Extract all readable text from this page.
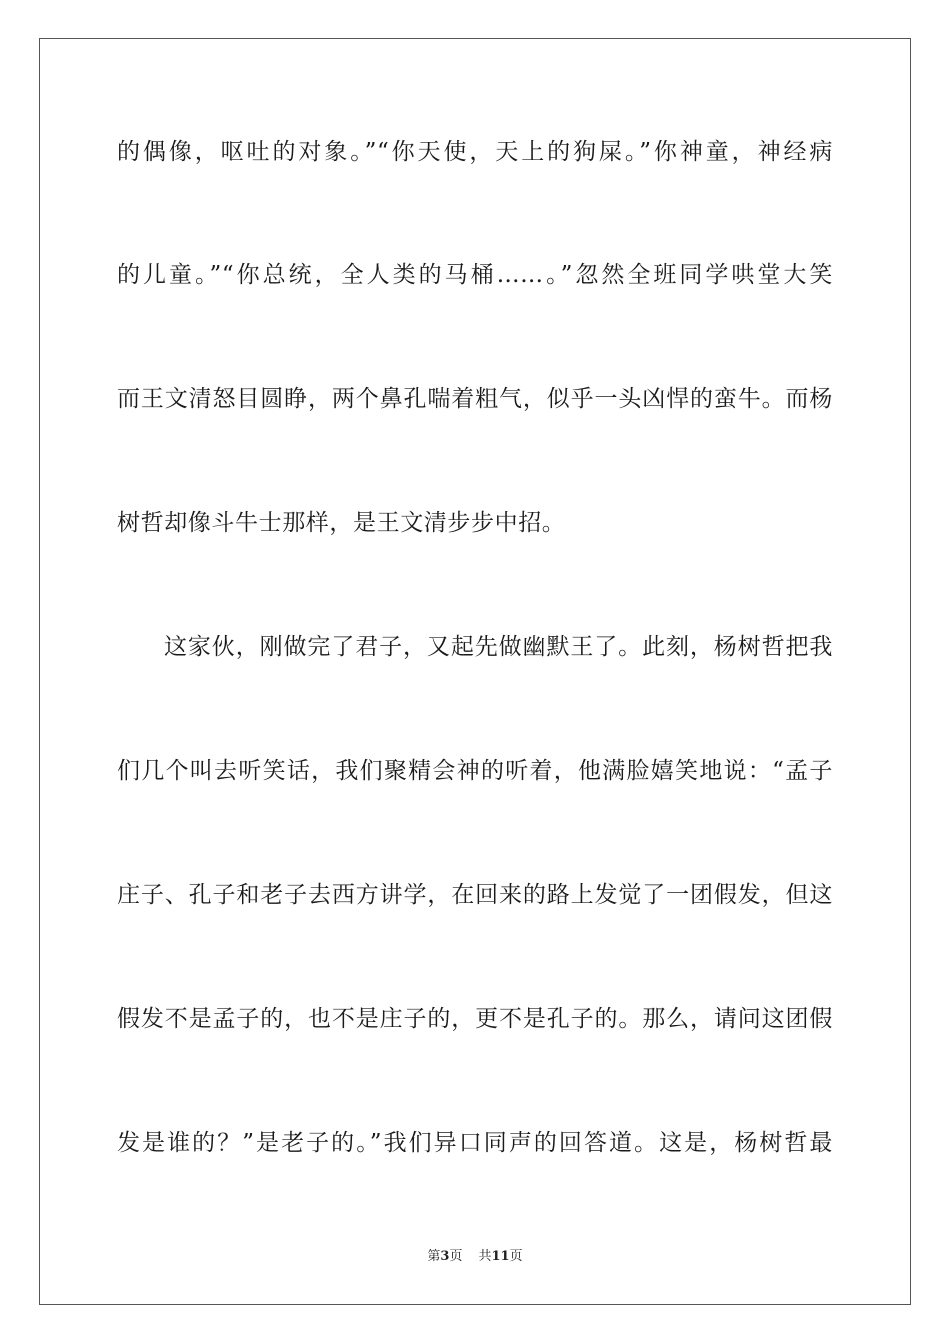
的偶像，呕吐的对象。”“你天使，天上的狗屎。”你神童，神经病
的儿童。”“你总统，全人类的马桶……。”忽然全班同学哄堂大笑
而王文清怒目圆睁，两个鼻孔喘着粗气，似乎一头凶悍的蛮牛。而杨
树哲却像斗牛士那样，是王文清步步中招。
这家伙，刚做完了君子，又起先做幽默王了。此刻，杨树哲把我
们几个叫去听笑话，我们聚精会神的听着，他满脸嬉笑地说：“孟子
庄子、孔子和老子去西方讲学，在回来的路上发觉了一团假发，但这
假发不是孟子的，也不是庄子的，更不是孔子的。那么，请问这团假
发是谁的？”是老子的。”我们异口同声的回答道。这是，杨树哲最
第3页 共11页
